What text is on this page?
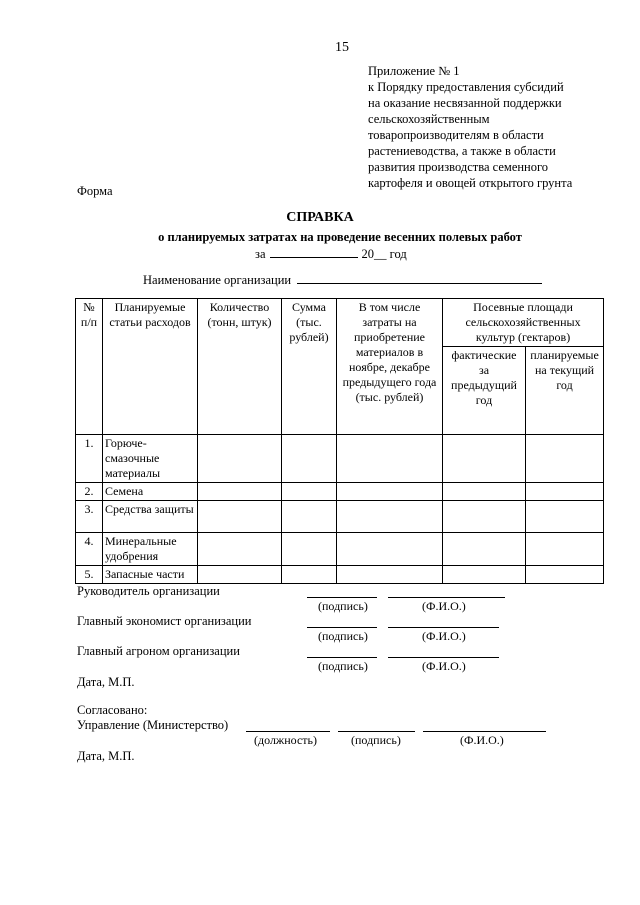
15
Приложение № 1
к Порядку предоставления субсидий
на оказание несвязанной поддержки
сельскохозяйственным
товаропроизводителям в области
растениеводства, а также в области
развития производства семенного
картофеля и овощей открытого грунта
Форма
СПРАВКА
о планируемых затратах на проведение весенних полевых работ
за	20__ год
Наименование организации
№ п/п	Планируемые статьи расходов	Количество (тонн, штук)	Сумма (тыс. рублей)	В том числе затраты на приобретение материалов в ноябре, декабре предыдущего года (тыс. рублей)	Посевные площади сельскохозяйственных культур (гектаров)	
					фактические за предыдущий год	планируемые на текущий год
1.	Горюче-смазочные материалы					
2.	Семена					
3.	Средства защиты					
4.	Минеральные удобрения					
5.	Запасные части					
Руководитель организации
(подпись)	(Ф.И.О.)
Главный экономист организации
(подпись)	(Ф.И.О.)
Главный агроном организации
(подпись)	(Ф.И.О.)
Дата, М.П.
Согласовано:
Управление (Министерство)
(должность)	(подпись)	(Ф.И.О.)
Дата, М.П.
